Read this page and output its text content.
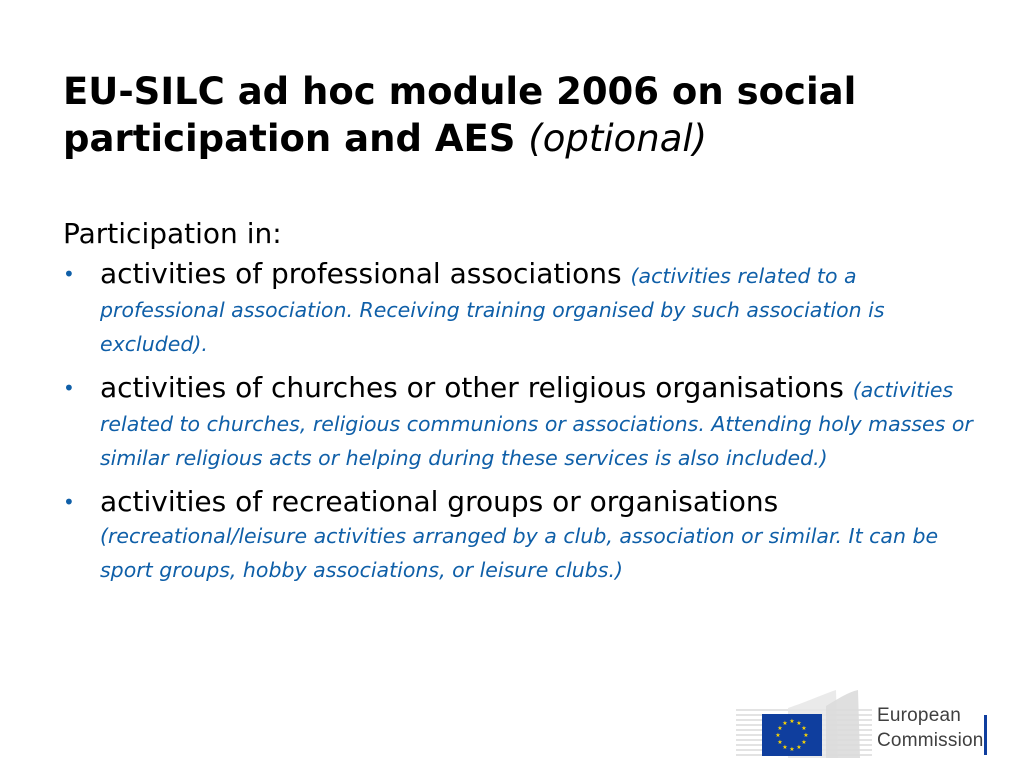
EU-SILC ad hoc module 2006 on social participation and AES (optional)

Participation in:

• activities of professional associations (activities related to a professional association. Receiving training organised by such association is excluded).
• activities of churches or other religious organisations (activities related to churches, religious communions or associations. Attending holy masses or similar religious acts or helping during these services is also included.)
• activities of recreational groups or organisations (recreational/leisure activities arranged by a club, association or similar. It can be sport groups, hobby associations, or leisure clubs.)
★ ★
★
★
★
★
★
★
★
★
★
★	European
Commission
